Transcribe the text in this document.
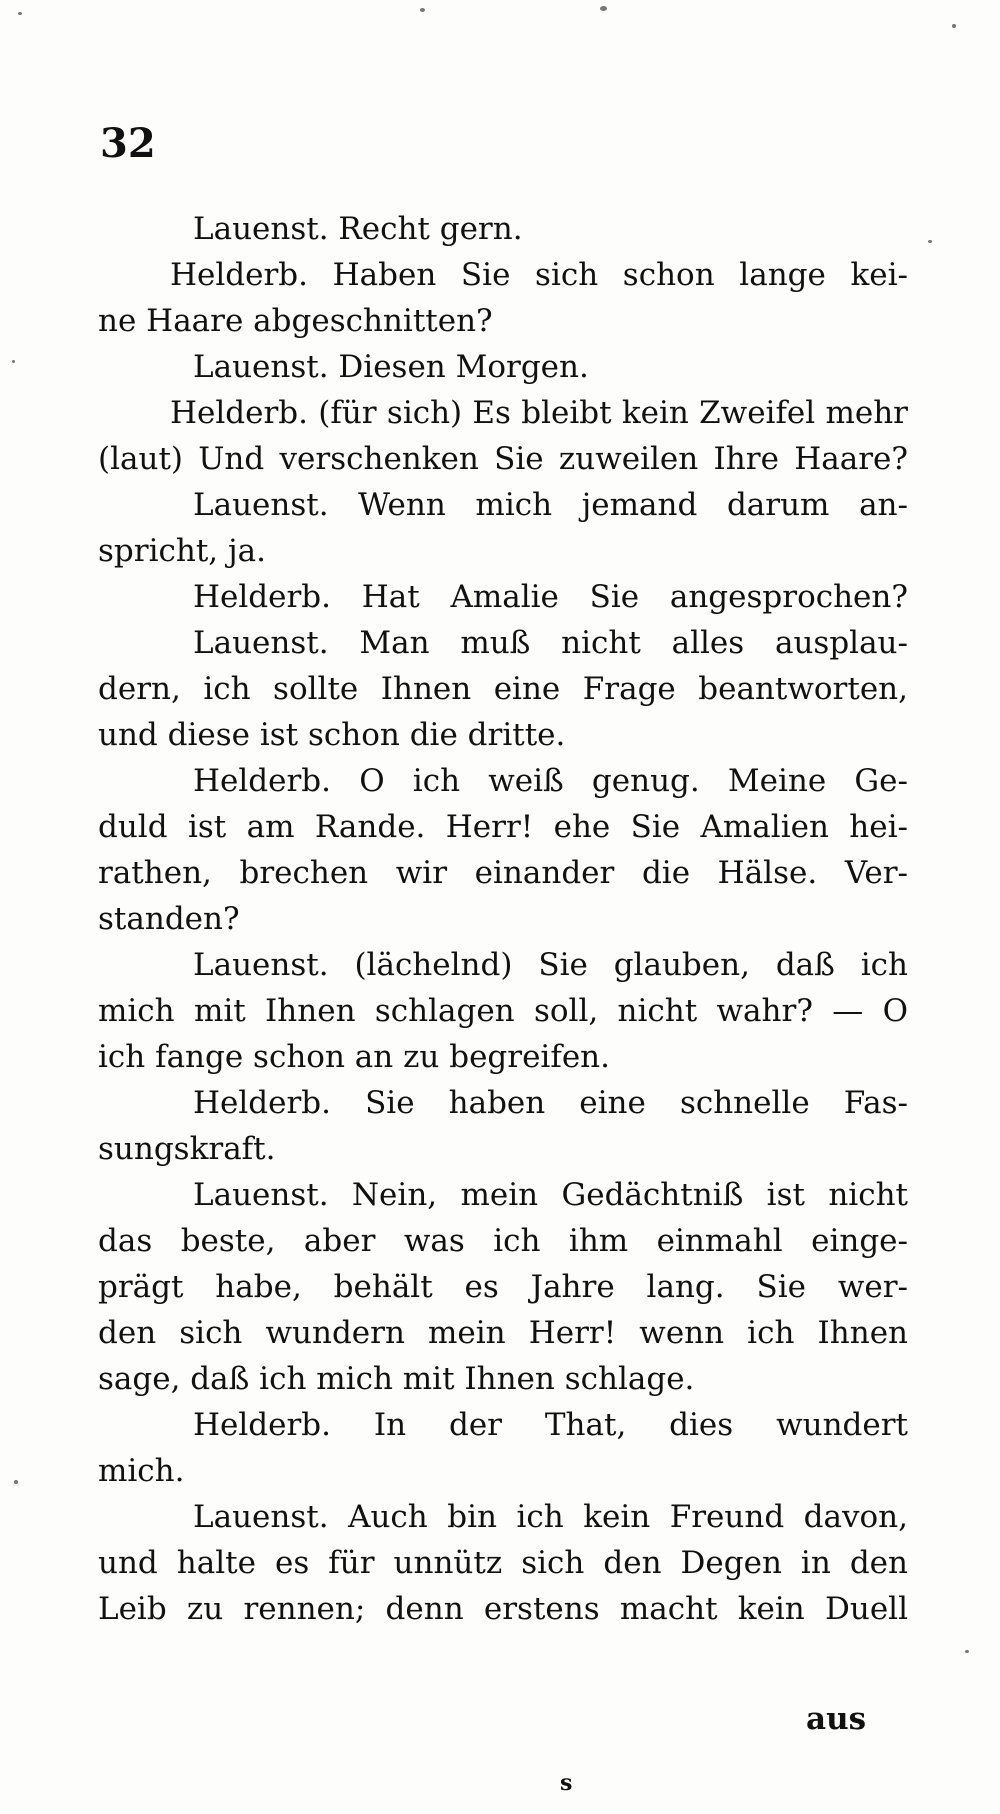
32
Lauenst. Recht gern.
Helderb. Haben Sie sich schon lange kei-
ne Haare abgeschnitten?
Lauenst. Diesen Morgen.
Helderb. (für sich) Es bleibt kein Zweifel mehr
(laut) Und verschenken Sie zuweilen Ihre Haare?
Lauenst. Wenn mich jemand darum an-
spricht, ja.
Helderb. Hat Amalie Sie angesprochen?
Lauenst. Man muß nicht alles ausplau-
dern, ich sollte Ihnen eine Frage beantworten,
und diese ist schon die dritte.
Helderb. O ich weiß genug. Meine Ge-
duld ist am Rande. Herr! ehe Sie Amalien hei-
rathen, brechen wir einander die Hälse. Ver-
standen?
Lauenst. (lächelnd) Sie glauben, daß ich
mich mit Ihnen schlagen soll, nicht wahr? — O
ich fange schon an zu begreifen.
Helderb. Sie haben eine schnelle Fas-
sungskraft.
Lauenst. Nein, mein Gedächtniß ist nicht
das beste, aber was ich ihm einmahl einge-
prägt habe, behält es Jahre lang. Sie wer-
den sich wundern mein Herr! wenn ich Ihnen
sage, daß ich mich mit Ihnen schlage.
Helderb. In der That, dies wundert
mich.
Lauenst. Auch bin ich kein Freund davon,
und halte es für unnütz sich den Degen in den
Leib zu rennen; denn erstens macht kein Duell
aus
s
